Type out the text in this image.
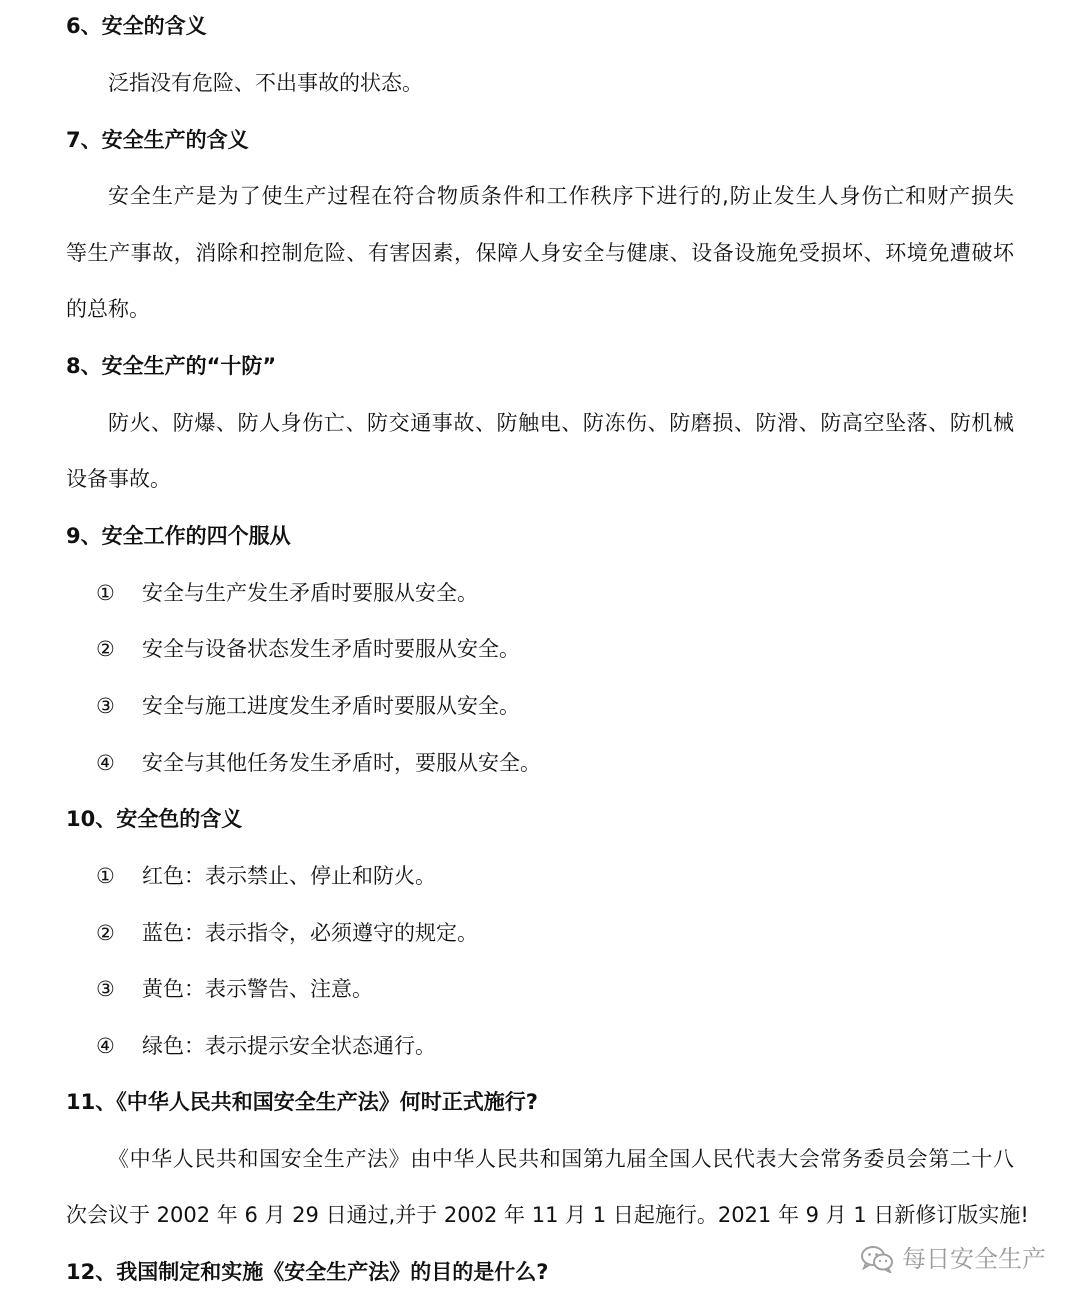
6、安全的含义
泛指没有危险、不出事故的状态。
7、安全生产的含义
安全生产是为了使生产过程在符合物质条件和工作秩序下进行的,防止发生人身伤亡和财产损失
等生产事故，消除和控制危险、有害因素，保障人身安全与健康、设备设施免受损坏、环境免遭破坏
的总称。
8、安全生产的“十防”
防火、防爆、防人身伤亡、防交通事故、防触电、防冻伤、防磨损、防滑、防高空坠落、防机械
设备事故。
9、安全工作的四个服从
① 安全与生产发生矛盾时要服从安全。
② 安全与设备状态发生矛盾时要服从安全。
③ 安全与施工进度发生矛盾时要服从安全。
④ 安全与其他任务发生矛盾时，要服从安全。
10、安全色的含义
① 红色：表示禁止、停止和防火。
② 蓝色：表示指令，必须遵守的规定。
③ 黄色：表示警告、注意。
④ 绿色：表示提示安全状态通行。
11、《中华人民共和国安全生产法》何时正式施行?
《中华人民共和国安全生产法》由中华人民共和国第九届全国人民代表大会常务委员会第二十八
次会议于 2002 年 6 月 29 日通过,并于 2002 年 11 月 1 日起施行。2021 年 9 月 1 日新修订版实施!
12、我国制定和实施《安全生产法》的目的是什么?	每日安全生产
